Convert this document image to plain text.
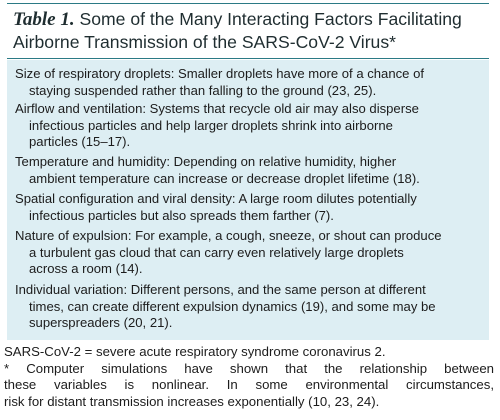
Table 1. Some of the Many Interacting Factors Facilitating
Airborne Transmission of the SARS-CoV-2 Virus*
Size of respiratory droplets: Smaller droplets have more of a chance of
staying suspended rather than falling to the ground (23, 25).
Airflow and ventilation: Systems that recycle old air may also disperse
infectious particles and help larger droplets shrink into airborne
particles (15–17).
Temperature and humidity: Depending on relative humidity, higher
ambient temperature can increase or decrease droplet lifetime (18).
Spatial configuration and viral density: A large room dilutes potentially
infectious particles but also spreads them farther (7).
Nature of expulsion: For example, a cough, sneeze, or shout can produce
a turbulent gas cloud that can carry even relatively large droplets
across a room (14).
Individual variation: Different persons, and the same person at different
times, can create different expulsion dynamics (19), and some may be
superspreaders (20, 21).
SARS-CoV-2 = severe acute respiratory syndrome coronavirus 2.
* Computer simulations have shown that the relationship between
these variables is nonlinear. In some environmental circumstances,
risk for distant transmission increases exponentially (10, 23, 24).
